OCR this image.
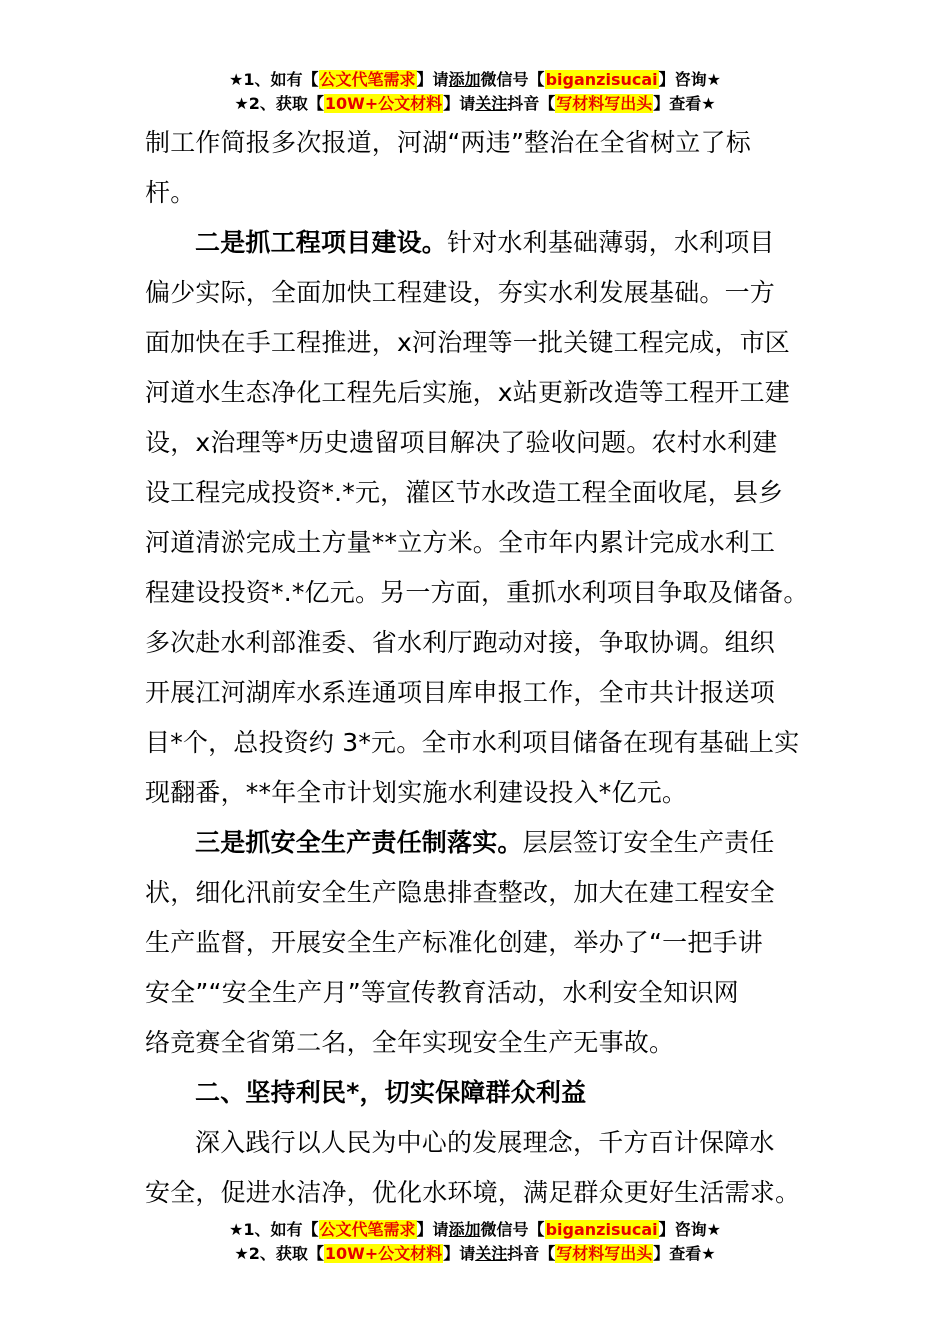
★1、如有【公文代笔需求】请添加微信号【biganzisucai】咨询★
★2、获取【10W+公文材料】请关注抖音【写材料写出头】查看★

制工作简报多次报道，河湖“两违”整治在全省树立了标
杆。

二是抓工程项目建设。针对水利基础薄弱，水利项目
偏少实际，全面加快工程建设，夯实水利发展基础。一方
面加快在手工程推进，x河治理等一批关键工程完成，市区
河道水生态净化工程先后实施，x站更新改造等工程开工建
设，x治理等*历史遗留项目解决了验收问题。农村水利建
设工程完成投资*.*元，灌区节水改造工程全面收尾，县乡
河道清淤完成土方量**立方米。全市年内累计完成水利工
程建设投资*.*亿元。另一方面，重抓水利项目争取及储备。
多次赴水利部淮委、省水利厅跑动对接，争取协调。组织
开展江河湖库水系连通项目库申报工作，全市共计报送项
目*个，总投资约 3*元。全市水利项目储备在现有基础上实
现翻番，**年全市计划实施水利建设投入*亿元。

三是抓安全生产责任制落实。层层签订安全生产责任
状，细化汛前安全生产隐患排查整改，加大在建工程安全
生产监督，开展安全生产标准化创建，举办了“一把手讲
安全”“安全生产月”等宣传教育活动，水利安全知识网
络竞赛全省第二名，全年实现安全生产无事故。

二、坚持利民*，切实保障群众利益

深入践行以人民为中心的发展理念，千方百计保障水
安全，促进水洁净，优化水环境，满足群众更好生活需求。

★1、如有【公文代笔需求】请添加微信号【biganzisucai】咨询★
★2、获取【10W+公文材料】请关注抖音【写材料写出头】查看★
